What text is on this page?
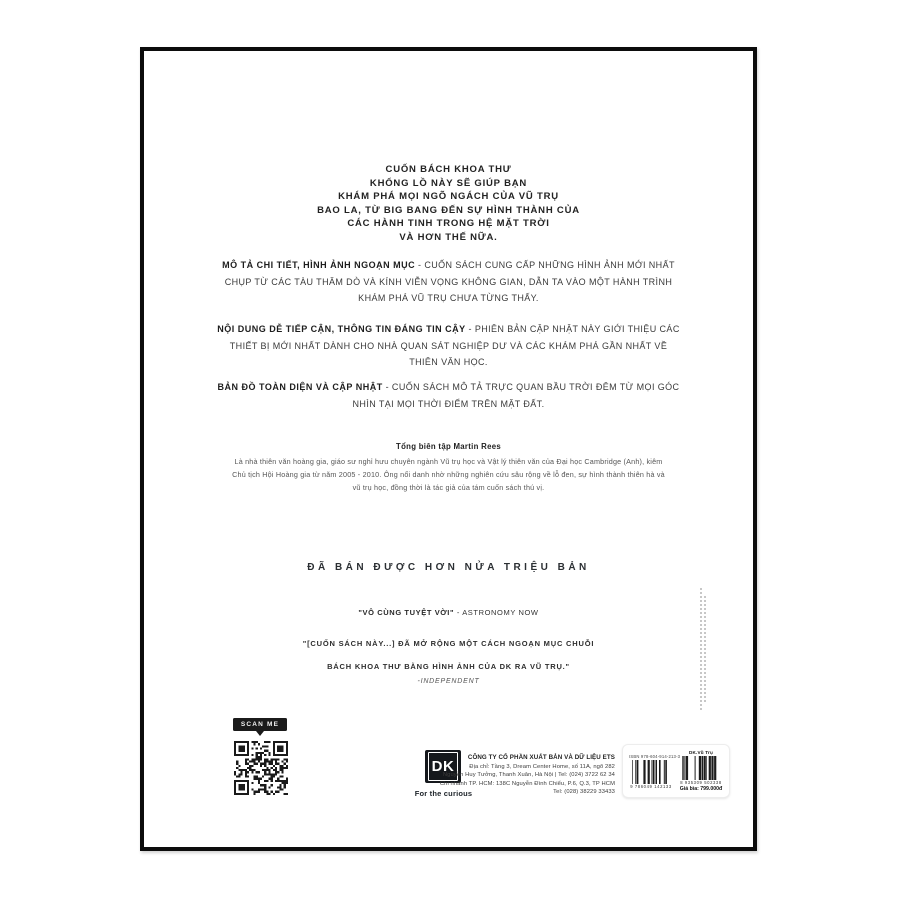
CUỐN BÁCH KHOA THƯ
KHỔNG LỒ NÀY SẼ GIÚP BẠN
KHÁM PHÁ MỌI NGÕ NGÁCH CỦA VŨ TRỤ
BAO LA, TỪ BIG BANG ĐẾN SỰ HÌNH THÀNH CỦA
CÁC HÀNH TINH TRONG HỆ MẶT TRỜI
VÀ HƠN THẾ NỮA.
MÔ TẢ CHI TIẾT, HÌNH ẢNH NGOẠN MỤC - CUỐN SÁCH CUNG CẤP NHỮNG HÌNH ẢNH MỚI NHẤT CHỤP TỪ CÁC TÀU THĂM DÒ VÀ KÍNH VIỄN VỌNG KHÔNG GIAN, DẪN TA VÀO MỘT HÀNH TRÌNH KHÁM PHÁ VŨ TRỤ CHƯA TỪNG THẤY.
NỘI DUNG DỄ TIẾP CẬN, THÔNG TIN ĐÁNG TIN CẬY - PHIÊN BẢN CẬP NHẬT NÀY GIỚI THIỆU CÁC THIẾT BỊ MỚI NHẤT DÀNH CHO NHÀ QUAN SÁT NGHIỆP DƯ VÀ CÁC KHÁM PHÁ GẦN NHẤT VỀ THIÊN VĂN HỌC.
BẢN ĐỒ TOÀN DIỆN VÀ CẬP NHẬT - CUỐN SÁCH MÔ TẢ TRỰC QUAN BẦU TRỜI ĐÊM TỪ MỌI GÓC NHÌN TẠI MỌI THỜI ĐIỂM TRÊN MẶT ĐẤT.
Tổng biên tập Martin Rees
Là nhà thiên văn hoàng gia, giáo sư nghỉ hưu chuyên ngành Vũ trụ học và Vật lý thiên văn của Đại học Cambridge (Anh), kiêm Chủ tịch Hội Hoàng gia từ năm 2005 - 2010. Ông nổi danh nhờ những nghiên cứu sâu rộng về lỗ đen, sự hình thành thiên hà và vũ trụ học, đồng thời là tác giả của tám cuốn sách thú vị.
ĐÃ BÁN ĐƯỢC HƠN NỬA TRIỆU BẢN
"VÔ CÙNG TUYỆT VỜI" - ASTRONOMY NOW
"[CUỐN SÁCH NÀY...] ĐÃ MỞ RỘNG MỘT CÁCH NGOẠN MỤC CHUỖI
BÁCH KHOA THƯ BẰNG HÌNH ẢNH CỦA DK RA VŨ TRỤ."
-INDEPENDENT
SCAN ME
DK
For the curious
CÔNG TY CỔ PHẦN XUẤT BẢN VÀ DỮ LIỆU ETS
Địa chỉ: Tầng 3, Dream Center Home, số 11A, ngõ 282
Nguyễn Huy Tưởng, Thanh Xuân, Hà Nội | Tel: (024) 3722 62 34
Chi nhánh TP. HCM: 138C Nguyễn Đình Chiểu, P.6, Q.3, TP HCM
Tel: (028) 38229 33433
ISBN 978-604-914-213-3
9 786049 142133
DK.Vũ Trụ
8 935309 502338
Giá bìa: 799.000đ
